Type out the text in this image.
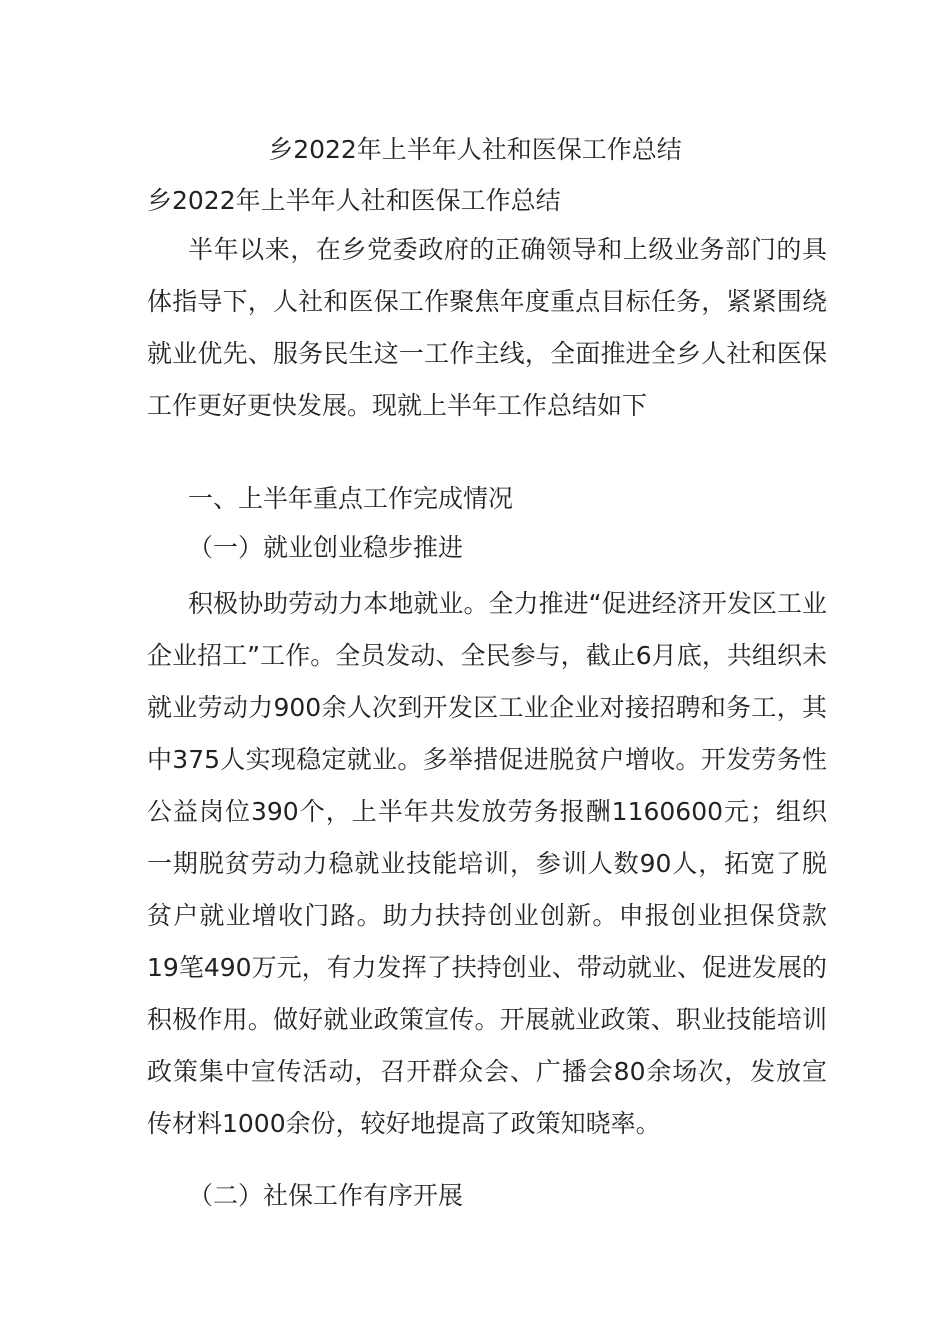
乡2022年上半年人社和医保工作总结
乡2022年上半年人社和医保工作总结

半年以来，在乡党委政府的正确领导和上级业务部门的具体指导下，人社和医保工作聚焦年度重点目标任务，紧紧围绕就业优先、服务民生这一工作主线，全面推进全乡人社和医保工作更好更快发展。现就上半年工作总结如下

一、上半年重点工作完成情况
（一）就业创业稳步推进

积极协助劳动力本地就业。全力推进“促进经济开发区工业企业招工”工作。全员发动、全民参与，截止6月底，共组织未就业劳动力900余人次到开发区工业企业对接招聘和务工，其中375人实现稳定就业。多举措促进脱贫户增收。开发劳务性公益岗位390个，上半年共发放劳务报酬1160600元；组织一期脱贫劳动力稳就业技能培训，参训人数90人，拓宽了脱贫户就业增收门路。助力扶持创业创新。申报创业担保贷款19笔490万元，有力发挥了扶持创业、带动就业、促进发展的积极作用。做好就业政策宣传。开展就业政策、职业技能培训政策集中宣传活动，召开群众会、广播会80余场次，发放宣传材料1000余份，较好地提高了政策知晓率。

（二）社保工作有序开展
